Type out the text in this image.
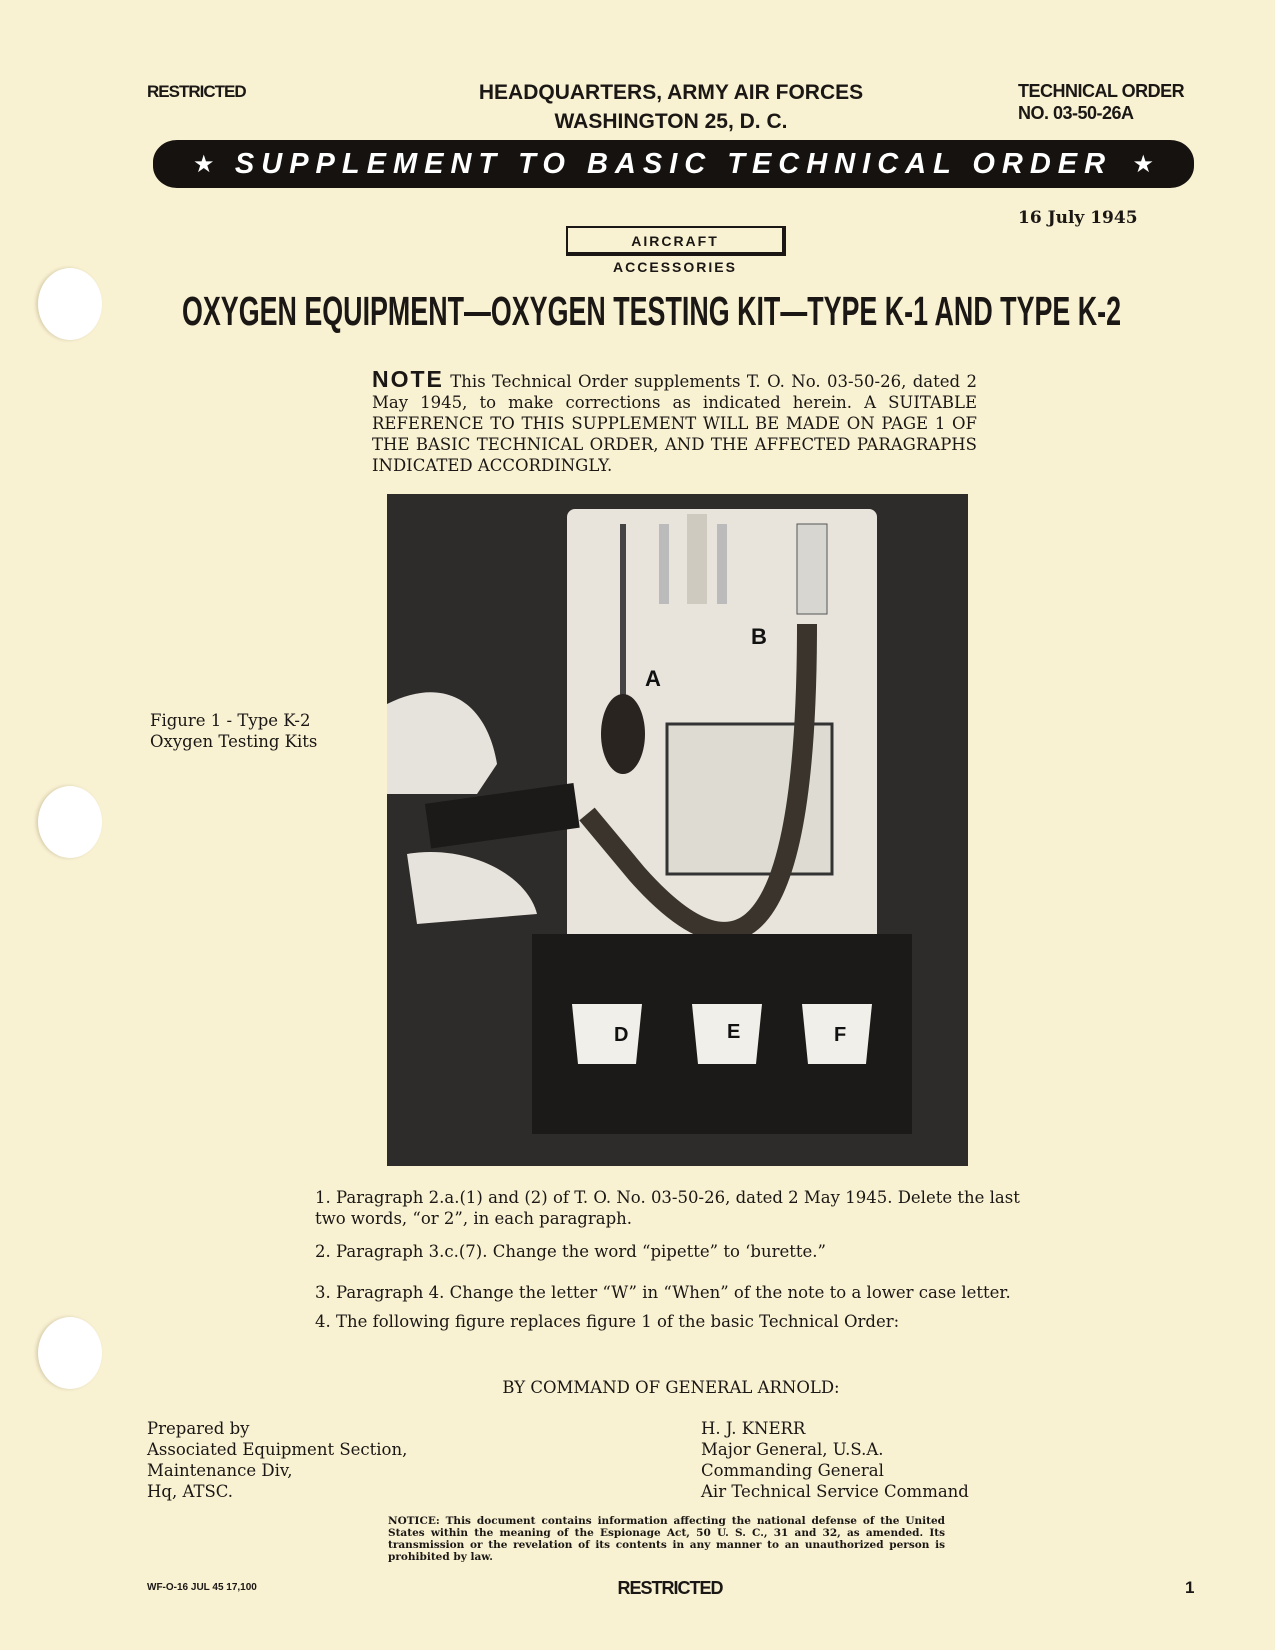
RESTRICTED	HEADQUARTERS, ARMY AIR FORCES
WASHINGTON 25, D. C.
TECHNICAL ORDER
NO. 03-50-26A
★ SUPPLEMENT TO BASIC TECHNICAL ORDER ★
16 July 1945
AIRCRAFT ACCESSORIES
OXYGEN EQUIPMENT—OXYGEN TESTING KIT—TYPE K-1 AND TYPE K-2

NOTE This Technical Order supplements T. O. No. 03-50-26, dated 2 May 1945, to make corrections as indicated herein. A SUITABLE REFERENCE TO THIS SUPPLEMENT WILL BE MADE ON PAGE 1 OF THE BASIC TECHNICAL ORDER, AND THE AFFECTED PARAGRAPHS INDICATED ACCORDINGLY.

Figure 1 - Type K-2
Oxygen Testing Kits
A
B
D	E	F

1. Paragraph 2.a.(1) and (2) of T. O. No. 03-50-26, dated 2 May 1945. Delete the last two words, “or 2”, in each paragraph.

2. Paragraph 3.c.(7). Change the word “pipette” to ‘burette.”

3. Paragraph 4. Change the letter “W” in “When” of the note to a lower case letter.

4. The following figure replaces figure 1 of the basic Technical Order:

BY COMMAND OF GENERAL ARNOLD:
Prepared by
Associated Equipment Section,
Maintenance Div,
Hq, ATSC.
H. J. KNERR
Major General, U.S.A.
Commanding General
Air Technical Service Command
NOTICE: This document contains information affecting the national defense of the United States within the meaning of the Espionage Act, 50 U. S. C., 31 and 32, as amended. Its transmission or the revelation of its contents in any manner to an unauthorized person is prohibited by law.
WF-O-16 JUL 45 17,100	RESTRICTED	1
